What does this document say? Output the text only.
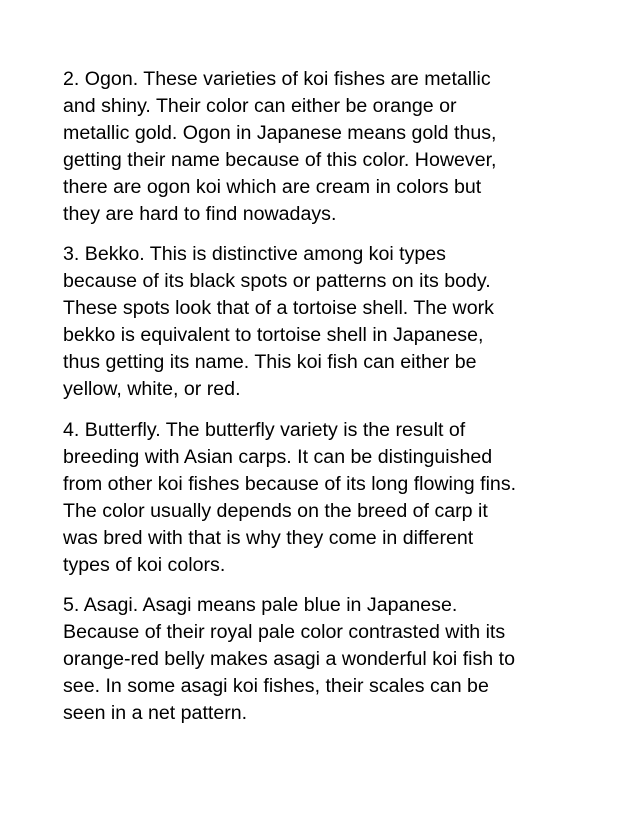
2. Ogon. These varieties of koi fishes are metallic
and shiny. Their color can either be orange or
metallic gold. Ogon in Japanese means gold thus,
getting their name because of this color. However,
there are ogon koi which are cream in colors but
they are hard to find nowadays.

3. Bekko. This is distinctive among koi types
because of its black spots or patterns on its body.
These spots look that of a tortoise shell. The work
bekko is equivalent to tortoise shell in Japanese,
thus getting its name. This koi fish can either be
yellow, white, or red.

4. Butterfly. The butterfly variety is the result of
breeding with Asian carps. It can be distinguished
from other koi fishes because of its long flowing fins.
The color usually depends on the breed of carp it
was bred with that is why they come in different
types of koi colors.

5. Asagi. Asagi means pale blue in Japanese.
Because of their royal pale color contrasted with its
orange-red belly makes asagi a wonderful koi fish to
see. In some asagi koi fishes, their scales can be
seen in a net pattern.
